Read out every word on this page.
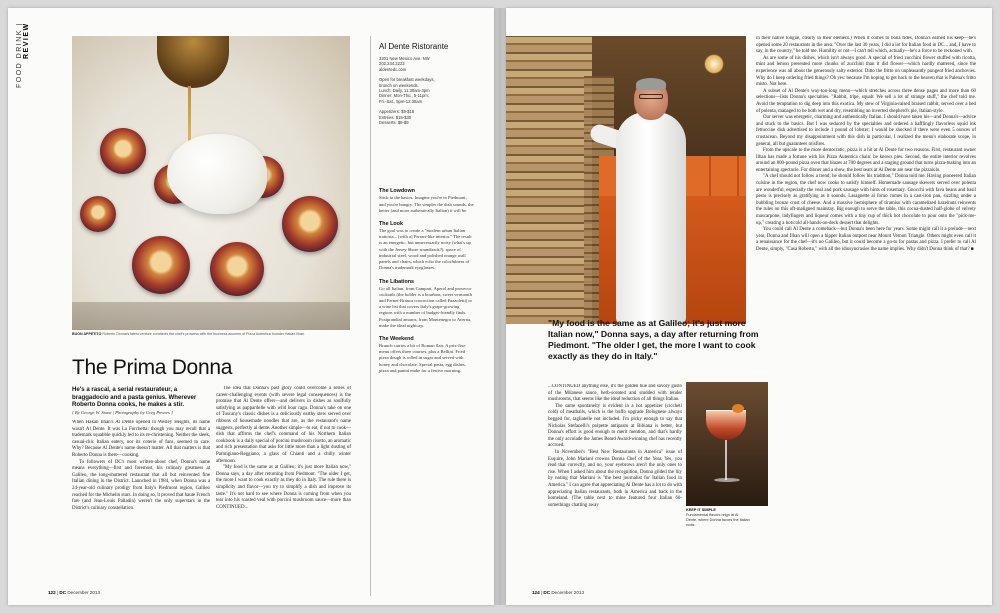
FOOD DRINK | REVIEW
BUON APPETITO Roberto Donna's latest venture combines the chef's prowess with the business acumen of Pizza Autentica founder Hakan Ilhan.
The Prima Donna
He's a rascal, a serial restaurateur, a braggadocio and a pasta genius. Wherever Roberto Donna cooks, he makes a stir.
[ By George W. Stone | Photography by Greg Powers ]

When Hakan Ilhan's Al Dente opened in Wesley Heights, its name wasn't Al Dente. It was La Forchetta: though you may recall that a trademark squabble quickly led to its re-christening. Neither the sleek, casual-chic Italian eatery, nor its coterie of fans, seemed to care. Why? Because Al Dente's name doesn't matter. All that matters is that Roberto Donna is there—cooking.

To followers of DC's most written-about chef, Donna's name means everything—first and foremost, his culinary greatness at Galileo, the long-shuttered restaurant that all but reinvented fine Italian dining in the District. Launched in 1984, when Donna was a 24-year-old culinary prodigy from Italy's Piedmont region, Galileo reached for the Michelin stars. In doing so, it proved that haute French fare (and Jean-Louis Palladin) weren't the only superstars in the District's culinary constellation.

The idea that Donna's past glory could overcome a series of career-challenging events (with severe legal consequences) is the promise that Al Dente offers—and delivers in dishes as soulfully satisfying as pappardelle with wild boar ragu. Donna's take on one of Tuscany's classic dishes is a deliciously earthy stew served over ribbons of housemade noodles that are, as the restaurant's name suggests, perfectly al dente. Another simple—to eat, if not to cook—dish that affirms the chef's command of his Northern Italian cookbook is a daily special of porcini mushroom risotto, an aromatic and rich presentation that asks for little more than a light dusting of Parmigiano-Reggiano, a glass of Chianti and a chilly winter afternoon.

"My food is the same as at Galileo; it's just more Italian now," Donna says, a day after returning from Piedmont. "The older I get, the more I want to cook exactly as they do in Italy. The rule there is simplicity and flavor—you try to simplify a dish and improve its taste." It's not hard to see where Donna is coming from when you tear into his roasted veal with porcini mushroom sauce—more than CONTINUED...

Al Dente Ristorante
3201 New Mexico Ave. NW
202.244.2223
aldentedc.com
Open for breakfast weekdays,
brunch on weekends.
Lunch: Daily, 11:30am-3pm
Dinner: Mon-Thu., 5-11pm;
Fri.-Sat., 5pm-12:30am
Appetizers: $9-$18
Entrées: $15-$30
Desserts: $8-$9
The Lowdown
Stick to the basics. Imagine you're in Piedmont, and you're hungry. The simpler the dish sounds, the better (and more authentically Italian) it will be.
The Look
The goal was to create a "modern urban Italian trattoria... [with a] Ferrari-like interior." The result is an energetic, but unnecessarily noisy (what's up with the Jersey Shore soundtrack?), space of industrial steel, wood and polished orange wall panels and chairs, which echo the colorfulness of Donna's trademark eyeglasses.
The Libations
Go all Italian, from Campari, Aperol and prosecco cocktails (the bolder is a bourbon, sweet vermouth and Fernet-Branca concoction called Fazzoletti) to a wine list that covers Italy's grape-growing regions with a number of budget-friendly finds. Postprandial amaros, from Montenegro to Averna, make the ideal nightcap.
The Weekend
Brunch carries a bit of Roman flair. A prix-fixe menu offers three courses, plus a Bellini. Fried pizza dough is rolled in sugar and served with honey and chocolate. Special pasta, egg dishes, pizza and panini make for a festive morning.
122 | DC December 2013
"My food is the same as at Galileo; it's just more Italian now," Donna says, a day after returning from Piedmont. "The older I get, the more I want to cook exactly as they do in Italy."

...CONTINUED anything else, it's the golden hue and savory gusto of the Milanese sauce, herb-scented and studded with tender mushrooms, that seems like the ideal reduction of all things Italian.

The same spontaneity is evident in a hot appetizer (ciccheti cold) of meatballs, which is the boffo upgrade Bolognese always begged for, tagliatelle not included. I'm picky enough to say that Nicholas Stefanelli's polpette antipasto at Bibiana is better, but Donna's effort is good enough to merit mention, and that's hardly the only accolade the James Beard Award-winning chef has recently accrued.

In November's "Best New Restaurants in America" issue of Esquire, John Mariani crowns Donna Chef of the Year. Yes, you read that correctly, and no, your eyebrows aren't the only ones to rise. When I asked him about the recognition, Donna gilded the lily by noting that Mariani is "the best journalist for Italian food in America." I can agree that appreciating Al Dente has a lot to do with appreciating Italian restaurants, both in America and back in the homeland. (The table next to mine featured four Italian 60-somethings chatting away

KEEP IT SIMPLE
Fundamental flavors reign at Al Dente, where Donna favors the Italian roots.

in their native tongue, clearly in their element.) When it comes to bona fides, Donna's earned his keep—he's opened some 20 restaurants in the area. "Over the last 30 years, I did a lot for Italian food in DC... and, I have to say, in the country," he told me. Humility or not—I can't tell which, actually—he's a force to be reckoned with.

As are some of his dishes, which isn't always good. A special of fried zucchini flower stuffed with ricotta, mint and lemon presented more chunks of zucchini than it did flower—which hardly mattered, since the experience was all about the generously salty exterior. Ditto the fritto on unpleasantly pungent fried anchovies. Why do I keep ordering fried things? Oh yes: because I'm hoping to get back to the heaven that is Palena's fritto misto. Not here.

A subset of Al Dente's way-too-long menu—which stretches across three dense pages and more than 60 selections—lists Donna's specialties. "Rabbit, tripe, squab: We sell a lot of strange stuff," the chef told me. Avoid the temptation to dig deep into this exotica. My stew of Virginia-raised braised rabbit, served over a bed of polenta, managed to be both wet and dry, resembling an inverted shepherd's pie, Italian-style.

Our server was energetic, charming and authentically Italian. I should have taken his—and Donna's—advice and stuck to the basics. But I was seduced by the specialties and ordered a bafflingly flavorless squid ink fettuccine dish advertised to include 1 pound of lobster; I would be shocked if there were even 5 ounces of crustacean. Beyond my disappointment with this dish in particular, I realized the menu's elaborate scope, in general, all but guarantees misfires.

From the upscale to the more democratic, pizza is a hit at Al Dente for two reasons. First, restaurant owner Ilhan has made a fortune with his Pizza Autentica chain: he knows pies. Second, the entire interior revolves around an 800-pound pizza oven that blazes at 700 degrees and a staging ground that turns pizza-making into an entertaining spectacle. For dinner and a show, the best seats at Al Dente are near the pizzaiolo.

"A chef should not follow a trend; he should follow his tradition," Donna told me. Having pioneered Italian cuisine in the region, the chef now cooks to satisfy himself. Homemade sausage skewers served over polenta are wonderful, especially the veal and pork sausage with hints of rosemary. Gnocchi with fava beans and basil pesto is precisely as gratifying as it sounds. Lasagnette al forno comes in a cast-iron pan, sizzling under a bubbling bronze crust of cheese. And a massive hemisphere of tiramisu with caramelized hazelnuts reinvents the rules on this oft-maligned mainstay. Big enough to serve the table, this cocoa-dusted half-globe of velvety mascarpone, ladyfingers and liqueur comes with a tiny cup of thick hot chocolate to pour onto the "pick-me-up," creating a hot/cold all-hands-on-deck dessert that delights.

You could call Al Dente a comeback—but Donna's been here for years. Some might call it a prelude—next year, Donna and Ilhan will open a hipper Italian outpost near Mount Vernon Triangle. Others might even call it a renaissance for the chef—it's no Galileo, but it could become a go-to for pastas and pizza. I prefer to call Al Dente, simply, "Casa Roberto," with all the idiosyncrasies the name implies. Why didn't Donna think of that? ■

124 | DC December 2013
